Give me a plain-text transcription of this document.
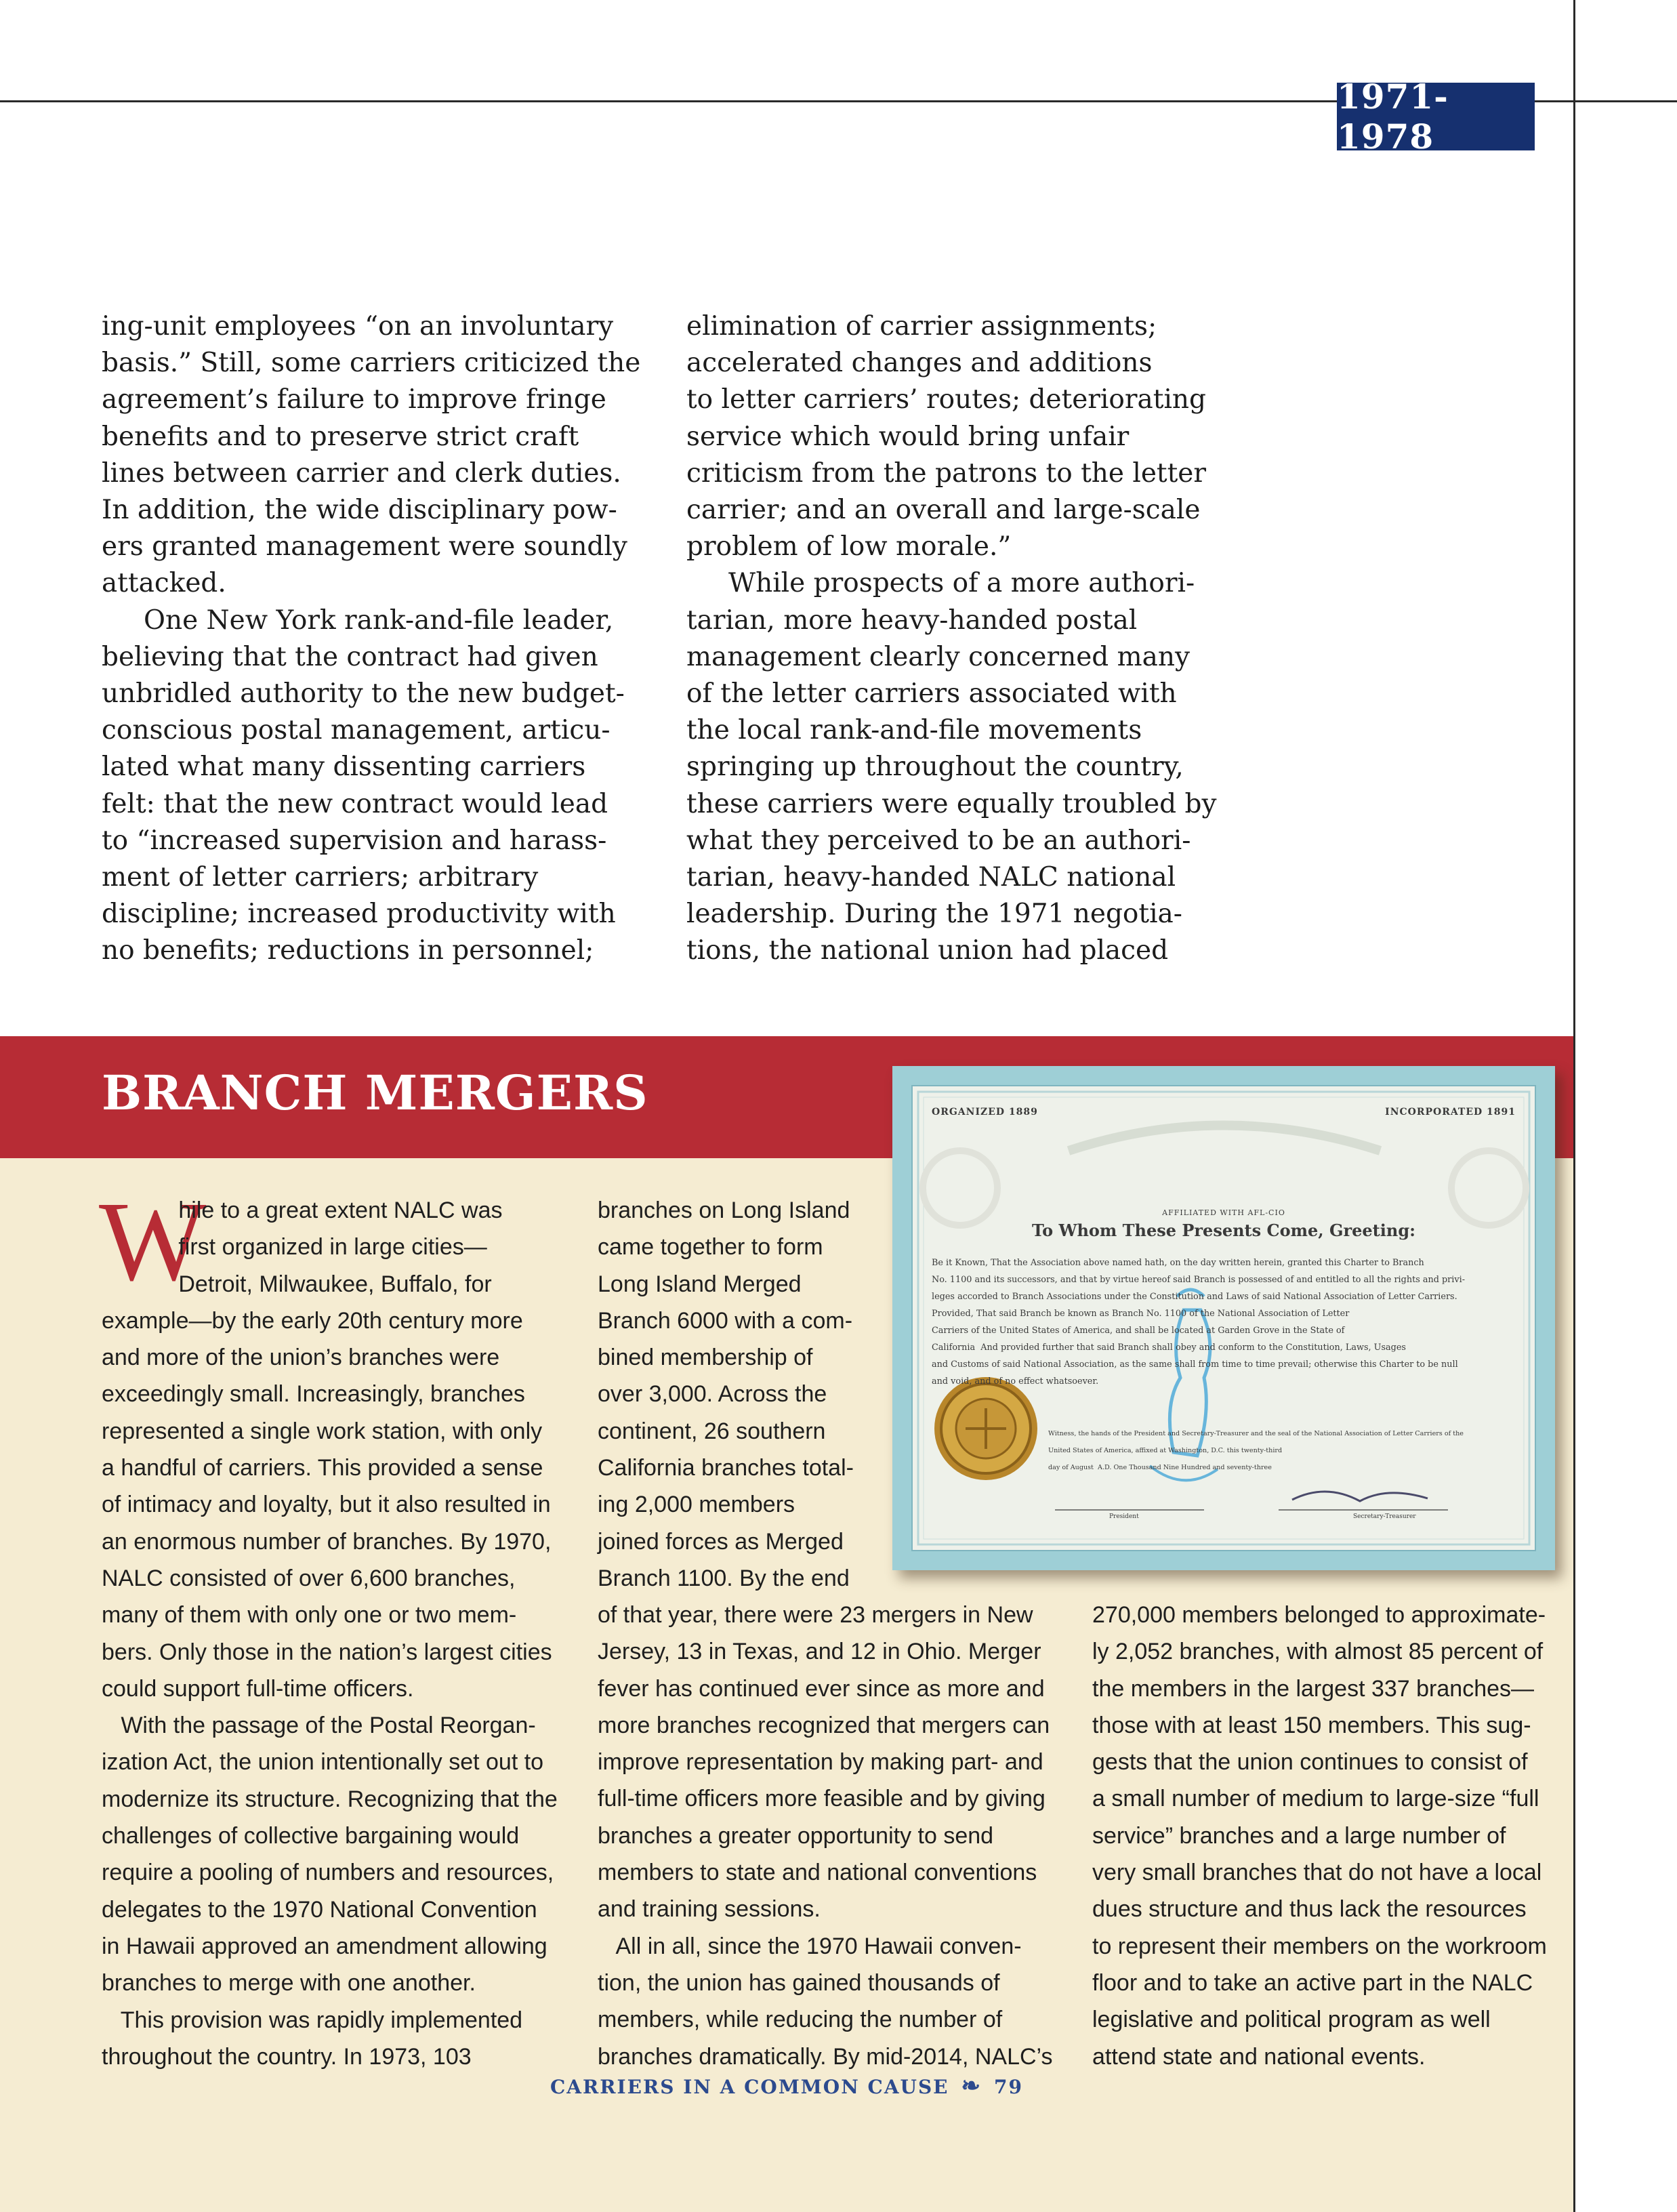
1971-1978
ing-unit employees “on an involuntary
basis.” Still, some carriers criticized the
agreement’s failure to improve fringe
benefits and to preserve strict craft
lines between carrier and clerk duties.
In addition, the wide disciplinary pow-
ers granted management were soundly
attacked.
One New York rank-and-file leader,
believing that the contract had given
unbridled authority to the new budget-
conscious postal management, articu-
lated what many dissenting carriers
felt: that the new contract would lead
to “increased supervision and harass-
ment of letter carriers; arbitrary
discipline; increased productivity with
no benefits; reductions in personnel;
elimination of carrier assignments;
accelerated changes and additions
to letter carriers’ routes; deteriorating
service which would bring unfair
criticism from the patrons to the letter
carrier; and an overall and large-scale
problem of low morale.”
While prospects of a more authori-
tarian, more heavy-handed postal
management clearly concerned many
of the letter carriers associated with
the local rank-and-file movements
springing up throughout the country,
these carriers were equally troubled by
what they perceived to be an authori-
tarian, heavy-handed NALC national
leadership. During the 1971 negotia-
tions, the national union had placed
BRANCH MERGERS	ORGANIZED 1889	INCORPORATED 1891
AFFILIATED WITH AFL-CIO
To Whom These Presents Come, Greeting:
Be it Known, That the Association above named hath, on the day written herein, granted this Charter to Branch
No. 1100 and its successors, and that by virtue hereof said Branch is possessed of and entitled to all the rights and privi-
leges accorded to Branch Associations under the Constitution and Laws of said National Association of Letter Carriers.
Provided, That said Branch be known as Branch No. 1100 of the National Association of Letter
Carriers of the United States of America, and shall be located at Garden Grove in the State of
California  And provided further that said Branch shall obey and conform to the Constitution, Laws, Usages
and Customs of said National Association, as the same shall from time to time prevail; otherwise this Charter to be null
and void, and of no effect whatsoever.
Witness, the hands of the President and Secretary-Treasurer and the seal of the National Association of Letter Carriers of the
United States of America, affixed at Washington, D.C. this twenty-third
day of August  A.D. One Thousand Nine Hundred and seventy-three
President	Secretary-Treasurer
W
hile to a great extent NALC was
first organized in large cities—
Detroit, Milwaukee, Buffalo, for
example—by the early 20th century more
and more of the union’s branches were
exceedingly small. Increasingly, branches
represented a single work station, with only
a handful of carriers. This provided a sense
of intimacy and loyalty, but it also resulted in
an enormous number of branches. By 1970,
NALC consisted of over 6,600 branches,
many of them with only one or two mem-
bers. Only those in the nation’s largest cities
could support full-time officers.
With the passage of the Postal Reorgan-
ization Act, the union intentionally set out to
modernize its structure. Recognizing that the
challenges of collective bargaining would
require a pooling of numbers and resources,
delegates to the 1970 National Convention
in Hawaii approved an amendment allowing
branches to merge with one another.
This provision was rapidly implemented
throughout the country. In 1973, 103
branches on Long Island
came together to form
Long Island Merged
Branch 6000 with a com-
bined membership of
over 3,000. Across the
continent, 26 southern
California branches total-
ing 2,000 members
joined forces as Merged
Branch 1100. By the end
of that year, there were 23 mergers in New
Jersey, 13 in Texas, and 12 in Ohio. Merger
fever has continued ever since as more and
more branches recognized that mergers can
improve representation by making part- and
full-time officers more feasible and by giving
branches a greater opportunity to send
members to state and national conventions
and training sessions.
All in all, since the 1970 Hawaii conven-
tion, the union has gained thousands of
members, while reducing the number of
branches dramatically. By mid-2014, NALC’s
270,000 members belonged to approximate-
ly 2,052 branches, with almost 85 percent of
the members in the largest 337 branches—
those with at least 150 members. This sug-
gests that the union continues to consist of
a small number of medium to large-size “full
service” branches and a large number of
very small branches that do not have a local
dues structure and thus lack the resources
to represent their members on the workroom
floor and to take an active part in the NALC
legislative and political program as well
attend state and national events.
CARRIERS IN A COMMON CAUSE ❧ 79
